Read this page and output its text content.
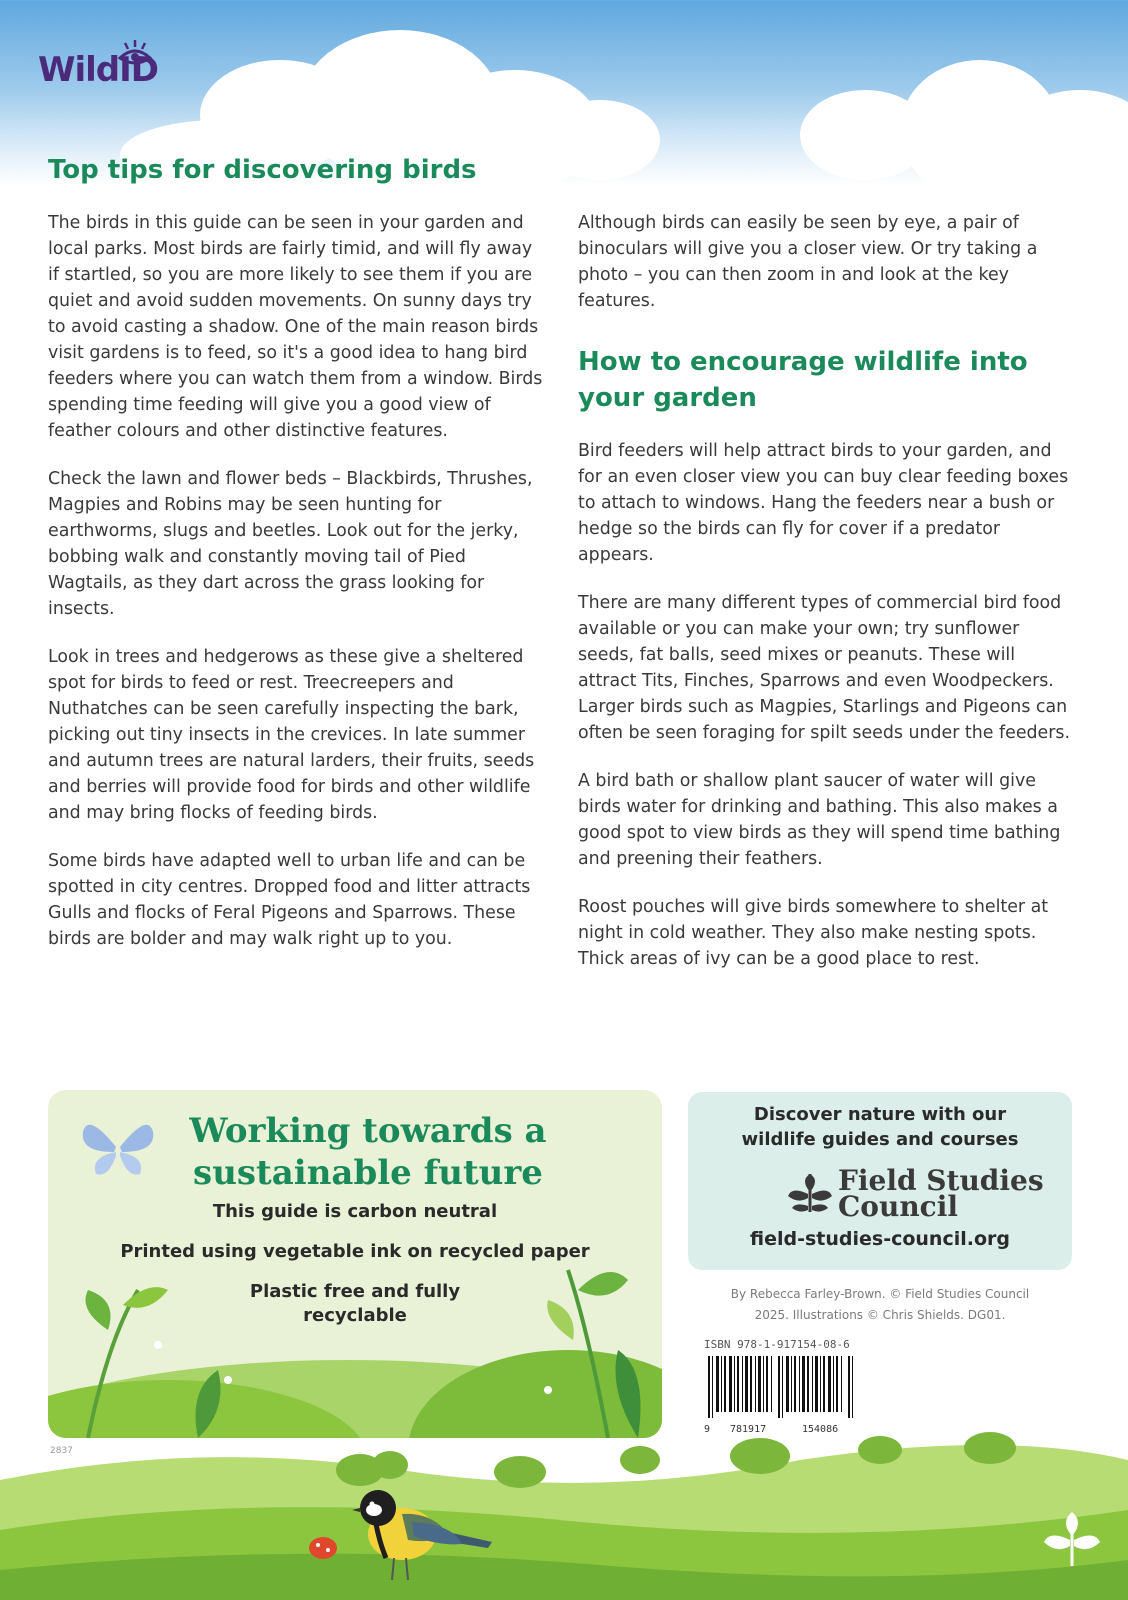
WildID
Top tips for discovering birds

The birds in this guide can be seen in your garden and local parks. Most birds are fairly timid, and will fly away if startled, so you are more likely to see them if you are quiet and avoid sudden movements. On sunny days try to avoid casting a shadow. One of the main reason birds visit gardens is to feed, so it's a good idea to hang bird feeders where you can watch them from a window. Birds spending time feeding will give you a good view of feather colours and other distinctive features.

Check the lawn and flower beds – Blackbirds, Thrushes, Magpies and Robins may be seen hunting for earthworms, slugs and beetles. Look out for the jerky, bobbing walk and constantly moving tail of Pied Wagtails, as they dart across the grass looking for insects.

Look in trees and hedgerows as these give a sheltered spot for birds to feed or rest. Treecreepers and Nuthatches can be seen carefully inspecting the bark, picking out tiny insects in the crevices. In late summer and autumn trees are natural larders, their fruits, seeds and berries will provide food for birds and other wildlife and may bring flocks of feeding birds.

Some birds have adapted well to urban life and can be spotted in city centres. Dropped food and litter attracts Gulls and flocks of Feral Pigeons and Sparrows. These birds are bolder and may walk right up to you.

Although birds can easily be seen by eye, a pair of binoculars will give you a closer view. Or try taking a photo – you can then zoom in and look at the key features.

How to encourage wildlife into your garden

Bird feeders will help attract birds to your garden, and for an even closer view you can buy clear feeding boxes to attach to windows. Hang the feeders near a bush or hedge so the birds can fly for cover if a predator appears.

There are many different types of commercial bird food available or you can make your own; try sunflower seeds, fat balls, seed mixes or peanuts. These will attract Tits, Finches, Sparrows and even Woodpeckers. Larger birds such as Magpies, Starlings and Pigeons can often be seen foraging for spilt seeds under the feeders.

A bird bath or shallow plant saucer of water will give birds water for drinking and bathing. This also makes a good spot to view birds as they will spend time bathing and preening their feathers.

Roost pouches will give birds somewhere to shelter at night in cold weather. They also make nesting spots. Thick areas of ivy can be a good place to rest.

Working towards a
sustainable future
This guide is carbon neutral
Printed using vegetable ink on recycled paper
Plastic free and fully
recyclable
Discover nature with our
wildlife guides and courses
Field Studies
Council
field-studies-council.org
By Rebecca Farley-Brown. © Field Studies Council
2025. Illustrations © Chris Shields. DG01.
ISBN 978-1-917154-08-6
9 781917	154086
2837
